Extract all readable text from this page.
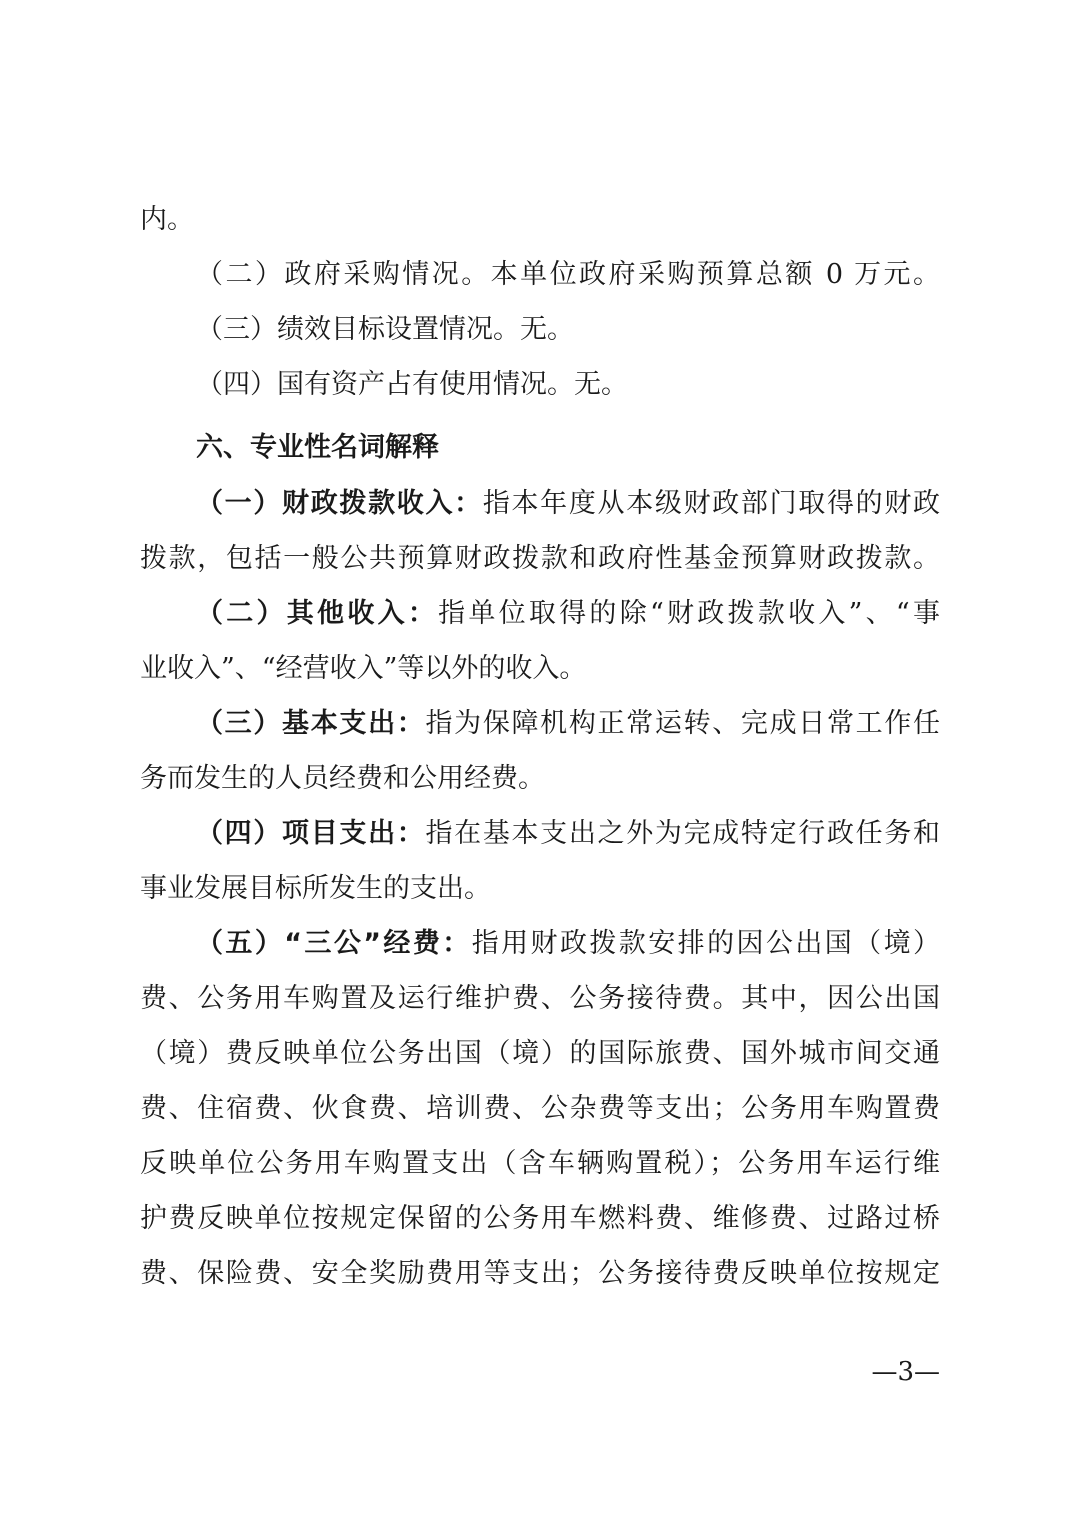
内。
（二）政府采购情况。本单位政府采购预算总额 0 万元。
（三）绩效目标设置情况。无。
（四）国有资产占有使用情况。无。
六、专业性名词解释
（一）财政拨款收入：指本年度从本级财政部门取得的财政
拨款，包括一般公共预算财政拨款和政府性基金预算财政拨款。
（二）其他收入：指单位取得的除“财政拨款收入”、“事
业收入”、“经营收入”等以外的收入。
（三）基本支出：指为保障机构正常运转、完成日常工作任
务而发生的人员经费和公用经费。
（四）项目支出：指在基本支出之外为完成特定行政任务和
事业发展目标所发生的支出。
（五）“三公”经费：指用财政拨款安排的因公出国（境）
费、公务用车购置及运行维护费、公务接待费。其中，因公出国
（境）费反映单位公务出国（境）的国际旅费、国外城市间交通
费、住宿费、伙食费、培训费、公杂费等支出；公务用车购置费
反映单位公务用车购置支出（含车辆购置税）；公务用车运行维
护费反映单位按规定保留的公务用车燃料费、维修费、过路过桥
费、保险费、安全奖励费用等支出；公务接待费反映单位按规定
—3—
